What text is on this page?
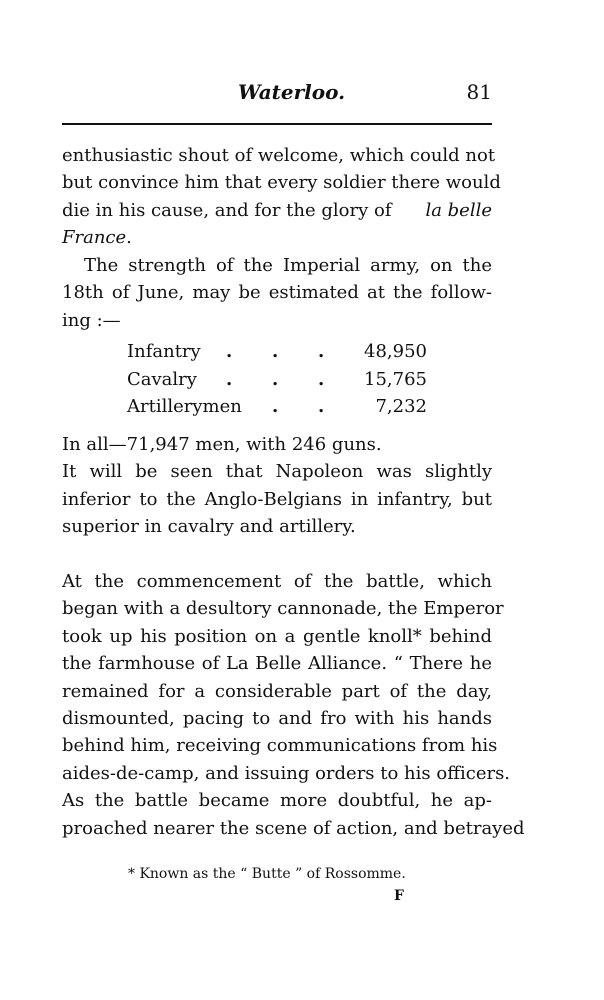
Waterloo.	81
enthusiastic shout of welcome, which could not
but convince him that every soldier there would
die in his cause, and for the glory of la belle
France.
The strength of the Imperial army, on the
18th of June, may be estimated at the follow-
ing :—
Infantry . . . 48,950
Cavalry . . . 15,765
Artillerymen . .	7,232
In all—71,947 men, with 246 guns.
It will be seen that Napoleon was slightly
inferior to the Anglo-Belgians in infantry, but
superior in cavalry and artillery.
At the commencement of the battle, which
began with a desultory cannonade, the Emperor
took up his position on a gentle knoll* behind
the farmhouse of La Belle Alliance. “ There he
remained for a considerable part of the day,
dismounted, pacing to and fro with his hands
behind him, receiving communications from his
aides-de-camp, and issuing orders to his officers.
As the battle became more doubtful, he ap-
proached nearer the scene of action, and betrayed
* Known as the “ Butte ” of Rossomme.
F
